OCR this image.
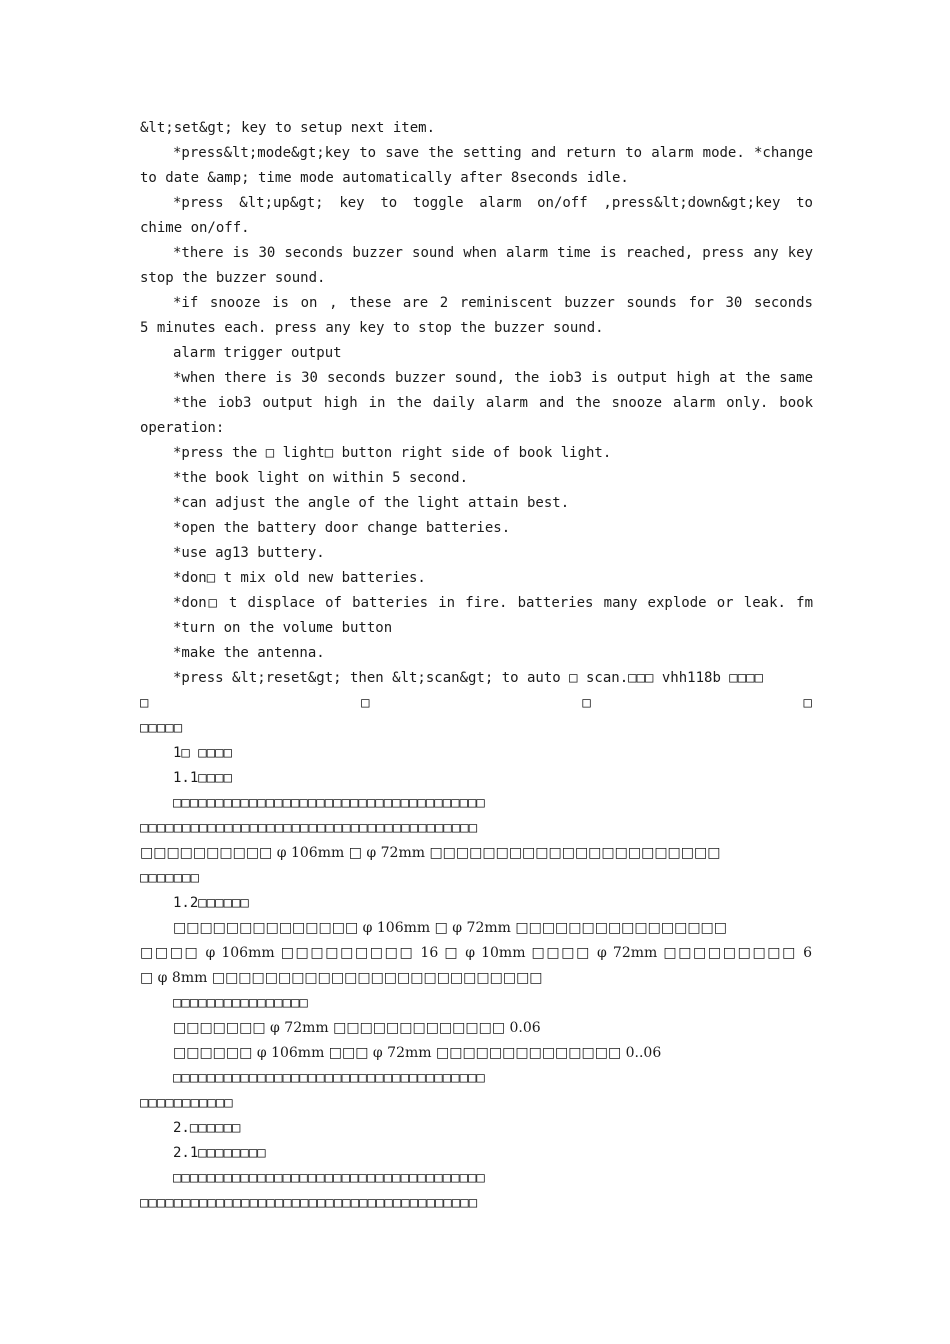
&lt;set&gt; key to setup next item.
*press&lt;mode&gt;key to save the setting and return to alarm mode. *change
to date &amp; time mode automatically after 8seconds idle.
*press &lt;up&gt; key to toggle alarm on/off ,press&lt;down&gt;key to
chime on/off.
*there is 30 seconds buzzer sound when alarm time is reached, press any key
stop the buzzer sound.
*if snooze is on , these are 2 reminiscent buzzer sounds for 30 seconds
5 minutes each. press any key to stop the buzzer sound.
alarm trigger output
*when there is 30 seconds buzzer sound, the iob3 is output high at the same
*the iob3 output high in the daily alarm and the snooze alarm only. book
operation:
*press the □ light□ button right side of book light.
*the book light on within 5 second.
*can adjust the angle of the light attain best.
*open the battery door change batteries.
*use ag13 buttery.
*don□ t mix old new batteries.
*don□ t displace of batteries in fire. batteries many explode or leak. fm
*turn on the volume button
*make the antenna.
*press &lt;reset&gt; then &lt;scan&gt; to auto □ scan.□□□ vhh118b □□□□
□ □ □ □
□□□□□
1□ □□□□
1.1□□□□
□□□□□□□□□□□□□□□□□□□□□□□□□□□□□□□□□□□□□
□□□□□□□□□□□□□□□□□□□□□□□□□□□□□□□□□□□□□□□□
□□□□□□□□□□ φ 106mm □ φ 72mm □□□□□□□□□□□□□□□□□□□□□□
□□□□□□□
1.2□□□□□□
□□□□□□□□□□□□□□ φ 106mm □ φ 72mm □□□□□□□□□□□□□□□□
□□□□ φ 106mm □□□□□□□□□ 16 □ φ 10mm □□□□ φ 72mm □□□□□□□□□ 6
□ φ 8mm □□□□□□□□□□□□□□□□□□□□□□□□□
□□□□□□□□□□□□□□□□
□□□□□□□ φ 72mm □□□□□□□□□□□□□ 0.06
□□□□□□ φ 106mm □□□ φ 72mm □□□□□□□□□□□□□□ 0..06
□□□□□□□□□□□□□□□□□□□□□□□□□□□□□□□□□□□□□
□□□□□□□□□□□
2.□□□□□□
2.1□□□□□□□□
□□□□□□□□□□□□□□□□□□□□□□□□□□□□□□□□□□□□□
□□□□□□□□□□□□□□□□□□□□□□□□□□□□□□□□□□□□□□□□
